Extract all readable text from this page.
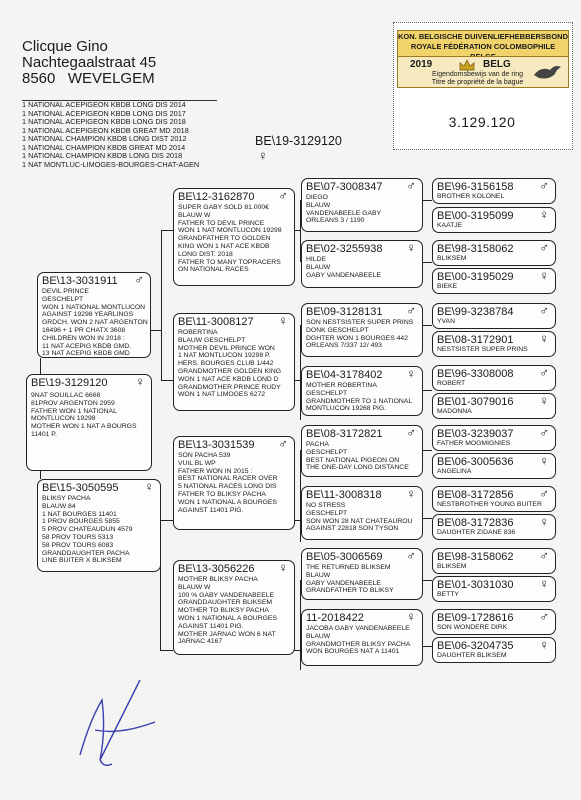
Clicque Gino
Nachtegaalstraat 45
8560 WEVELGEM
1 NATIONAL ACEPIGEON KBDB LONG DIS 2014
1 NATIONAL ACEPIGEON KBDB LONG DIS 2017
1 NATIONAL ACEPIGEON KBDB LONG DIS 2018
1 NATIONAL ACEPIGEON KBDB GREAT MD 2018
1 NATIONAL CHAMPION KBDB LONG DIST 2012
1 NATIONAL CHAMPION KBDB GREAT MD 2014
1 NATIONAL CHAMPION KBDB LONG DIS 2018
1 NAT MONTLUC-LIMOGES-BOURGES-CHAT-AGEN
BE\19-3129120
♀
KON. BELGISCHE DUIVENLIEFHEBBERSBOND
ROYALE FÉDÉRATION COLOMBOPHILE
2019	BELG
Eigendomsbewijs van de ring
Titre de propriété de la bague
3.129.120
BE\13-3031911 ♂
DEVIL PRINCE
GESCHELPT
WON 1 NATIONAL MONTLUCON
AGAINST 19298 YEARLINGS
GRDCH. WON 2 NAT ARGENTON
16496 + 1 PR CHATX 3608
CHILDREN WON IN 2018 :
11 NAT ACEPIG KBDB GMD.
13 NAT ACEPIG KBDB GMD
BE\19-3129120 ♀
9NAT SOUILLAC 6668
81PROV ARGENTON 2959
FATHER WON 1 NATIONAL
MONTLUCON 19298
MOTHER WON 1 NAT A BOURGS
11401 P.
BE\15-3050595 ♀
BLIKSY PACHA
BLAUW 84
1 NAT BOURGES 11401
1 PROV BOURGES 5855
5 PROV CHATEAUDUN 4579
58 PROV TOURS 5313
58 PROV TOURS 6083
GRANDDAUGHTER PACHA
LINE BUITER X BLIKSEM
BE\12-3162870 ♂
SUPER GABY SOLD 81.000€
BLAUW W
FATHER TO DEVIL PRINCE
WON 1 NAT MONTLUCON 19298
GRANDFATHER TO GOLDEN
KING WON 1 NAT ACE KBDB
LONG DIST. 2018
FATHER TO MANY TOPRACERS
ON NATIONAL RACES
BE\11-3008127 ♀
ROBERTINA
BLAUW GESCHELPT
MOTHER DEVIL PRINCE WON
1 NAT MONTLUCON 19298 P.
HERS. BOURGES CLUB 1/442
GRANDMOTHER GOLDEN KING
WON 1 NAT ACE KBDB LOND D
GRANDMOTHER PRINCE RUDY
WON 1 NAT LIMOGES 6272
BE\13-3031539 ♂
SON PACHA 539
VUIL BL WP
FATHER WON IN 2015 :
BEST NATIONAL RACER OVER
5 NATIONAL RACES LONG DIS
FATHER TO BLIKSY PACHA
WON 1 NATIONAL A BOURGES
AGAINST 11401 PIG.
BE\13-3056226 ♀
MOTHER BLIKSY PACHA
BLAUW W
100 % GABY VANDENABEELE
GRANDDAUGHTER BLIKSEM
MOTHER TO BLIKSY PACHA
WON 1 NATIONAL A BOURGES
AGAINST 11401 PIG.
MOTHER JARNAC WON 6 NAT
JARNAC 4167
BE\07-3008347 ♂
DIEGO
BLAUW
VANDENABEELE GABY
ORLEANS 3 / 1190
BE\02-3255938 ♀
HILDE
BLAUW
GABY VANDENABEELE
BE\09-3128131 ♂
SON NESTSISTER SUPER PRINS
DONK GESCHELPT
DGHTER WON 1 BOURGES 442
ORLEANS 7/337 12/ 493
BE\04-3178402 ♀
MOTHER ROBERTINA
GESCHELPT
GRANDMOTHER TO 1 NATIONAL
MONTLUCON 19268 PIG.
BE\08-3172821 ♂
PACHA
GESCHELPT
BEST NATIONAL PIGEON ON
THE ONE-DAY LONG DISTANCE
BE\11-3008318 ♀
NO STRESS
GESCHELPT
SON WON 28 NAT CHATEAUROU
AGAINST 22818 SON TYSON
BE\05-3006569 ♂
THE RETURNED BLIKSEM
BLAUW
GABY VANDENABEELE
GRANDFATHER TO BLIKSY
11-2018422	♀
JACOBA GABY VANDENABEELE
BLAUW
GRANDMOTHER BLIKSY PACHA
WON BOURGES NAT A 11401
BE\96-3156158 ♂
BROTHER KOLONEL
BE\00-3195099 ♀
KAATJE
BE\98-3158062 ♂
BLIKSEM
BE\00-3195029 ♀
BIEKE
BE\99-3238784 ♂
YVAN
BE\08-3172901 ♀
NESTSISTER SUPER PRINS
BE\96-3308008 ♂
ROBERT
BE\01-3079016 ♀
MADONNA
BE\03-3239037 ♂
FATHER MOGMIGNIES
BE\06-3005636 ♀
ANGELINA
BE\08-3172856 ♂
NESTBROTHER YOUNG BUITER
BE\08-3172836 ♀
DAUGHTER ZIDANE 836
BE\98-3158062 ♂
BLIKSEM
BE\01-3031030 ♀
BETTY
BE\09-1728616 ♂
SON WONDERE DIRK
BE\06-3204735 ♀
DAUGHTER BLIKSEM
